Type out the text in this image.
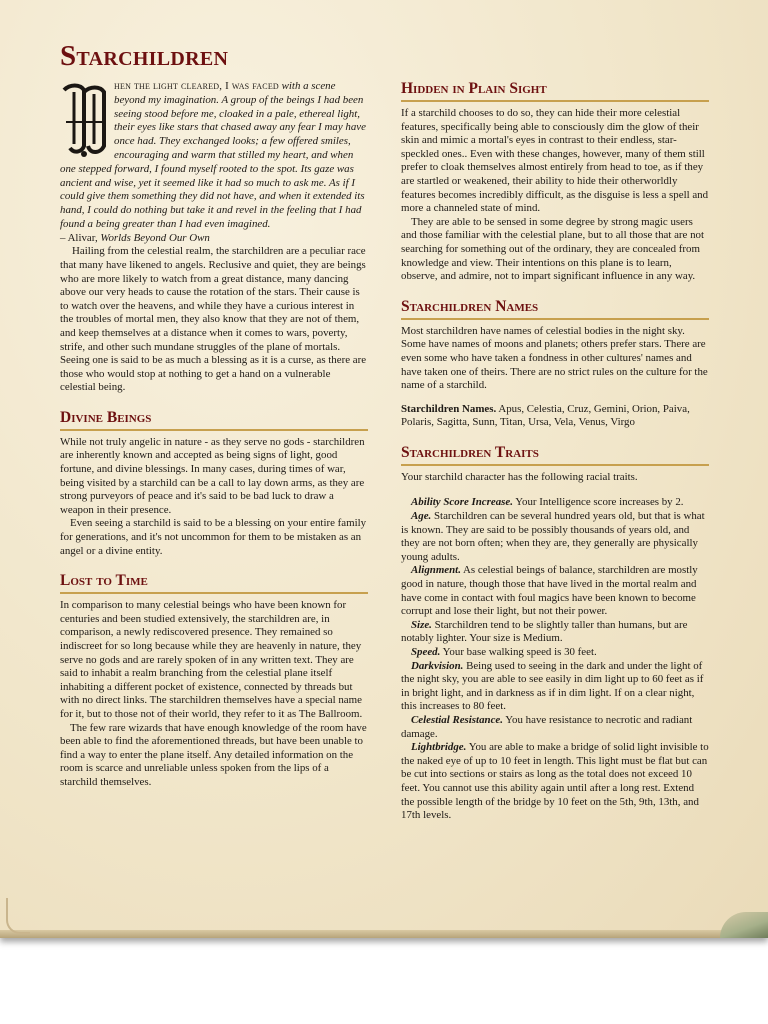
Starchildren

hen the light cleared, I was faced with a scene beyond my imagination. A group of the beings I had been seeing stood before me, cloaked in a pale, ethereal light, their eyes like stars that chased away any fear I may have once had. They exchanged looks; a few offered smiles, encouraging and warm that stilled my heart, and when one stepped forward, I found myself rooted to the spot. Its gaze was ancient and wise, yet it seemed like it had so much to ask me. As if I could give them something they did not have, and when it extended its hand, I could do nothing but take it and revel in the feeling that I had found a being greater than I had even imagined.

– Alivar, Worlds Beyond Our Own

Hailing from the celestial realm, the starchildren are a peculiar race that many have likened to angels. Reclusive and quiet, they are beings who are more likely to watch from a great distance, many dancing above our very heads to cause the rotation of the stars. Their cause is to watch over the heavens, and while they have a curious interest in the troubles of mortal men, they also know that they are not of them, and keep themselves at a distance when it comes to wars, poverty, strife, and other such mundane struggles of the plane of mortals. Seeing one is said to be as much a blessing as it is a curse, as there are those who would stop at nothing to get a hand on a vulnerable celestial being.

Divine Beings

While not truly angelic in nature - as they serve no gods - starchildren are inherently known and accepted as being signs of light, good fortune, and divine blessings. In many cases, during times of war, being visited by a starchild can be a call to lay down arms, as they are strong purveyors of peace and it's said to be bad luck to draw a weapon in their presence.

Even seeing a starchild is said to be a blessing on your entire family for generations, and it's not uncommon for them to be mistaken as an angel or a divine entity.

Lost to Time

In comparison to many celestial beings who have been known for centuries and been studied extensively, the starchildren are, in comparison, a newly rediscovered presence. They remained so indiscreet for so long because while they are heavenly in nature, they serve no gods and are rarely spoken of in any written text. They are said to inhabit a realm branching from the celestial plane itself inhabiting a different pocket of existence, connected by threads but with no direct links. The starchildren themselves have a special name for it, but to those not of their world, they refer to it as The Ballroom.

The few rare wizards that have enough knowledge of the room have been able to find the aforementioned threads, but have been unable to find a way to enter the plane itself. Any detailed information on the room is scarce and unreliable unless spoken from the lips of a starchild themselves.

Hidden in Plain Sight

If a starchild chooses to do so, they can hide their more celestial features, specifically being able to consciously dim the glow of their skin and mimic a mortal's eyes in contrast to their endless, star-speckled ones.. Even with these changes, however, many of them still prefer to cloak themselves almost entirely from head to toe, as if they are startled or weakened, their ability to hide their otherworldly features becomes incredibly difficult, as the disguise is less a spell and more a channeled state of mind.

They are able to be sensed in some degree by strong magic users and those familiar with the celestial plane, but to all those that are not searching for something out of the ordinary, they are concealed from knowledge and view. Their intentions on this plane is to learn, observe, and admire, not to impart significant influence in any way.

Starchildren Names

Most starchildren have names of celestial bodies in the night sky. Some have names of moons and planets; others prefer stars. There are even some who have taken a fondness in other cultures' names and have taken one of theirs. There are no strict rules on the culture for the name of a starchild.

Starchildren Names. Apus, Celestia, Cruz, Gemini, Orion, Paiva, Polaris, Sagitta, Sunn, Titan, Ursa, Vela, Venus, Virgo

Starchildren Traits

Your starchild character has the following racial traits.

Ability Score Increase. Your Intelligence score increases by 2.

Age. Starchildren can be several hundred years old, but that is what is known. They are said to be possibly thousands of years old, and they are not born often; when they are, they generally are physically young adults.

Alignment. As celestial beings of balance, starchildren are mostly good in nature, though those that have lived in the mortal realm and have come in contact with foul magics have been known to become corrupt and lose their light, but not their power.

Size. Starchildren tend to be slightly taller than humans, but are notably lighter. Your size is Medium.

Speed. Your base walking speed is 30 feet.

Darkvision. Being used to seeing in the dark and under the light of the night sky, you are able to see easily in dim light up to 60 feet as if in bright light, and in darkness as if in dim light. If on a clear night, this increases to 80 feet.

Celestial Resistance. You have resistance to necrotic and radiant damage.

Lightbridge. You are able to make a bridge of solid light invisible to the naked eye of up to 10 feet in length. This light must be flat but can be cut into sections or stairs as long as the total does not exceed 10 feet. You cannot use this ability again until after a long rest. Extend the possible length of the bridge by 10 feet on the 5th, 9th, 13th, and 17th levels.
